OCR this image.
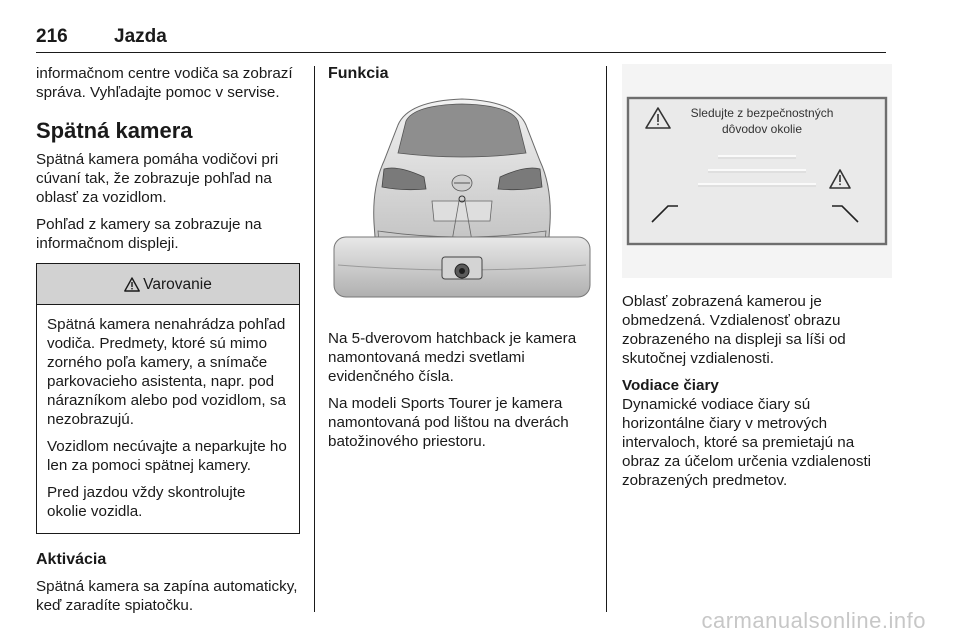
216 Jazda

informačnom centre vodiča sa zobrazí správa. Vyhľadajte pomoc v servise.

Spätná kamera

Spätná kamera pomáha vodičovi pri cúvaní tak, že zobrazuje pohľad na oblasť za vozidlom.

Pohľad z kamery sa zobrazuje na informačnom displeji.

Varovanie

Spätná kamera nenahrádza pohľad vodiča. Predmety, ktoré sú mimo zorného poľa kamery, a snímače parkovacieho asistenta, napr. pod nárazníkom alebo pod vozidlom, sa nezobrazujú.

Vozidlom necúvajte a neparkujte ho len za pomoci spätnej kamery.

Pred jazdou vždy skontrolujte okolie vozidla.

Aktivácia

Spätná kamera sa zapína automaticky, keď zaradíte spiatočku.

Funkcia

Na 5-dverovom hatchback je kamera namontovaná medzi svetlami evidenčného čísla.

Na modeli Sports Tourer je kamera namontovaná pod lištou na dverách batožinového priestoru.

Sledujte z bezpečnostných
dôvodov okolie

Oblasť zobrazená kamerou je obmedzená. Vzdialenosť obrazu zobrazeného na displeji sa líši od skutočnej vzdialenosti.

Vodiace čiary

Dynamické vodiace čiary sú horizontálne čiary v metrových intervaloch, ktoré sa premietajú na obraz za účelom určenia vzdialenosti zobrazených predmetov.

carmanualsonline.info
